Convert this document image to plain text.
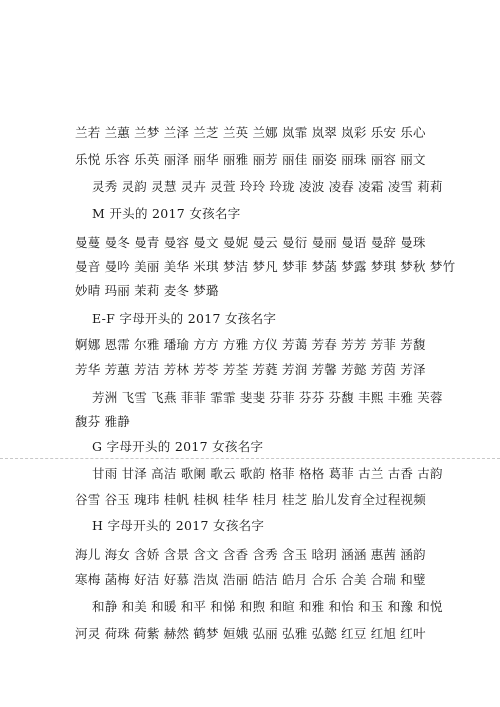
兰若 兰蕙 兰梦 兰泽 兰芝 兰英 兰娜 岚霏 岚翠 岚彩 乐安 乐心
乐悦 乐容 乐英 丽泽 丽华 丽雅 丽芳 丽佳 丽姿 丽珠 丽容 丽文
灵秀 灵韵 灵慧 灵卉 灵萱 玲玲 玲珑 凌波 凌春 凌霜 凌雪 莉莉
M 开头的 2017 女孩名字
曼蔓 曼冬 曼青 曼容 曼文 曼妮 曼云 曼衍 曼丽 曼语 曼辞 曼珠
曼音 曼吟 美丽 美华 米琪 梦洁 梦凡 梦菲 梦菡 梦露 梦琪 梦秋 梦竹
妙晴 玛丽 茉莉 麦冬 梦璐
E-F 字母开头的 2017 女孩名字
婀娜 恩霈 尔雅 璠瑜 方方 方雅 方仪 芳蔼 芳春 芳芳 芳菲 芳馥
芳华 芳蕙 芳洁 芳林 芳苓 芳荃 芳蕤 芳润 芳馨 芳懿 芳茵 芳泽
芳洲 飞雪 飞燕 菲菲 霏霏 斐斐 芬菲 芬芬 芬馥 丰熙 丰雅 芙蓉
馥芬 雅静
G 字母开头的 2017 女孩名字
甘雨 甘泽 高洁 歌阑 歌云 歌韵 格菲 格格 葛菲 古兰 古香 古韵
谷雪 谷玉 瑰玮 桂帆 桂枫 桂华 桂月 桂芝 胎儿发育全过程视频
H 字母开头的 2017 女孩名字
海儿 海女 含娇 含景 含文 含香 含秀 含玉 晗玥 涵涵 惠茜 涵韵
寒梅 菡梅 好洁 好慕 浩岚 浩丽 皓洁 皓月 合乐 合美 合瑞 和璧
和静 和美 和暖 和平 和悌 和煦 和暄 和雅 和怡 和玉 和豫 和悦
河灵 荷珠 荷紫 赫然 鹤梦 姮娥 弘丽 弘雅 弘懿 红豆 红旭 红叶
